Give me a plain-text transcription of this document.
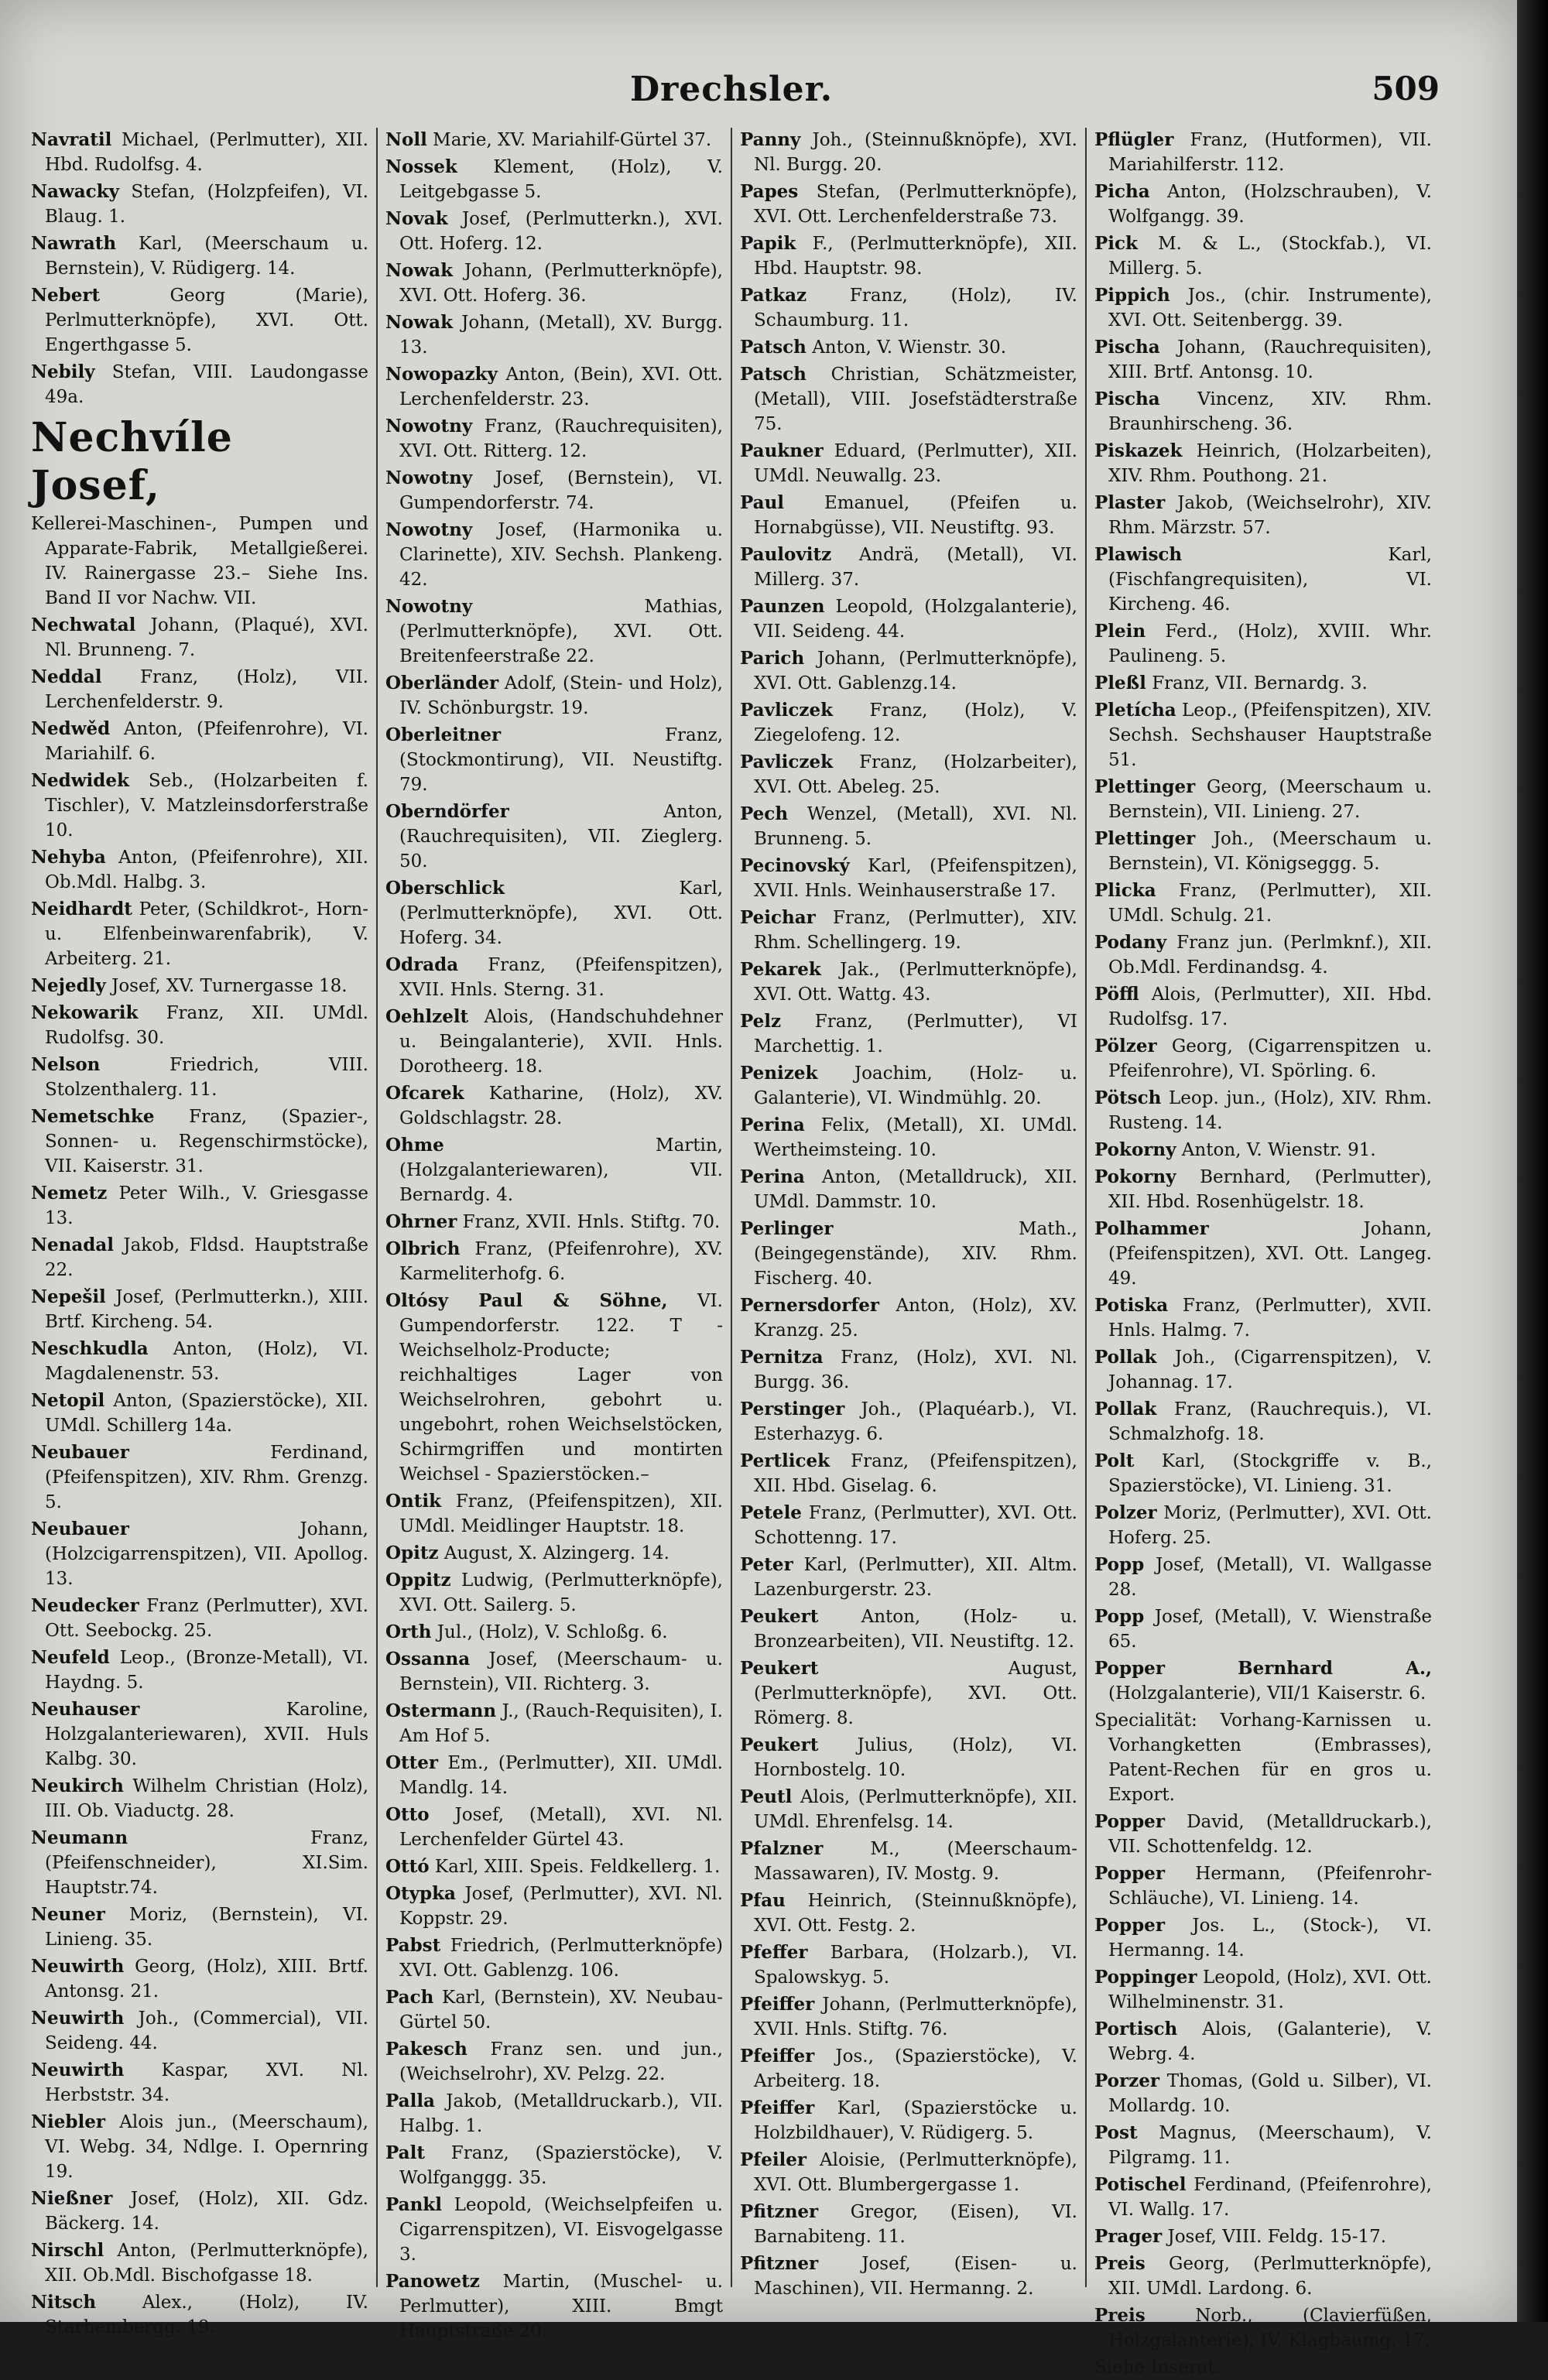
Drechsler.	509

Navratil Michael, (Perlmutter), XII. Hbd. Rudolfsg. 4.

Nawacky Stefan, (Holzpfeifen), VI. Blaug. 1.

Nawrath Karl, (Meerschaum u. Bernstein), V. Rüdigerg. 14.

Nebert Georg (Marie), Perlmutterknöpfe), XVI. Ott. Engerthgasse 5.

Nebily Stefan, VIII. Laudongasse 49a.

Nechvíle Josef,

Kellerei-Maschinen-, Pumpen und Apparate-Fabrik, Metallgießerei. IV. Rainergasse 23.– Siehe Ins. Band II vor Nachw. VII.

Nechwatal Johann, (Plaqué), XVI. Nl. Brunneng. 7.

Neddal Franz, (Holz), VII. Lerchenfelderstr. 9.

Nedwěd Anton, (Pfeifenrohre), VI. Mariahilf. 6.

Nedwidek Seb., (Holzarbeiten f. Tischler), V. Matzleinsdorferstraße 10.

Nehyba Anton, (Pfeifenrohre), XII. Ob.Mdl. Halbg. 3.

Neidhardt Peter, (Schildkrot-, Horn- u. Elfenbeinwarenfabrik), V. Arbeiterg. 21.

Nejedly Josef, XV. Turnergasse 18.

Nekowarik Franz, XII. UMdl. Rudolfsg. 30.

Nelson Friedrich, VIII. Stolzenthalerg. 11.

Nemetschke Franz, (Spazier-, Sonnen- u. Regenschirmstöcke), VII. Kaiserstr. 31.

Nemetz Peter Wilh., V. Griesgasse 13.

Nenadal Jakob, Fldsd. Hauptstraße 22.

Nepešil Josef, (Perlmutterkn.), XIII. Brtf. Kircheng. 54.

Neschkudla Anton, (Holz), VI. Magdalenenstr. 53.

Netopil Anton, (Spazierstöcke), XII. UMdl. Schillerg 14a.

Neubauer Ferdinand, (Pfeifenspitzen), XIV. Rhm. Grenzg. 5.

Neubauer Johann, (Holzcigarrenspitzen), VII. Apollog. 13.

Neudecker Franz (Perlmutter), XVI. Ott. Seebockg. 25.

Neufeld Leop., (Bronze-Metall), VI. Haydng. 5.

Neuhauser Karoline, Holzgalanteriewaren), XVII. Huls Kalbg. 30.

Neukirch Wilhelm Christian (Holz), III. Ob. Viaductg. 28.

Neumann Franz, (Pfeifenschneider), XI.Sim. Hauptstr.74.

Neuner Moriz, (Bernstein), VI. Linieng. 35.

Neuwirth Georg, (Holz), XIII. Brtf. Antonsg. 21.

Neuwirth Joh., (Commercial), VII. Seideng. 44.

Neuwirth Kaspar, XVI. Nl. Herbststr. 34.

Niebler Alois jun., (Meerschaum), VI. Webg. 34, Ndlge. I. Opernring 19.

Nießner Josef, (Holz), XII. Gdz. Bäckerg. 14.

Nirschl Anton, (Perlmutterknöpfe), XII. Ob.Mdl. Bischofgasse 18.

Nitsch Alex., (Holz), IV. Starhembergg. 19.

Noll Marie, XV. Mariahilf-Gürtel 37.

Nossek Klement, (Holz), V. Leitgebgasse 5.

Novak Josef, (Perlmutterkn.), XVI. Ott. Hoferg. 12.

Nowak Johann, (Perlmutterknöpfe), XVI. Ott. Hoferg. 36.

Nowak Johann, (Metall), XV. Burgg. 13.

Nowopazky Anton, (Bein), XVI. Ott. Lerchenfelderstr. 23.

Nowotny Franz, (Rauchrequisiten), XVI. Ott. Ritterg. 12.

Nowotny Josef, (Bernstein), VI. Gumpendorferstr. 74.

Nowotny Josef, (Harmonika u. Clarinette), XIV. Sechsh. Plankeng. 42.

Nowotny Mathias, (Perlmutterknöpfe), XVI. Ott. Breitenfeerstraße 22.

Oberländer Adolf, (Stein- und Holz), IV. Schönburgstr. 19.

Oberleitner Franz, (Stockmontirung), VII. Neustiftg. 79.

Oberndörfer Anton, (Rauchrequisiten), VII. Zieglerg. 50.

Oberschlick Karl, (Perlmutterknöpfe), XVI. Ott. Hoferg. 34.

Odrada Franz, (Pfeifenspitzen), XVII. Hnls. Sterng. 31.

Oehlzelt Alois, (Handschuhdehner u. Beingalanterie), XVII. Hnls. Dorotheerg. 18.

Ofcarek Katharine, (Holz), XV. Goldschlagstr. 28.

Ohme Martin, (Holzgalanteriewaren), VII. Bernardg. 4.

Ohrner Franz, XVII. Hnls. Stiftg. 70.

Olbrich Franz, (Pfeifenrohre), XV. Karmeliterhofg. 6.

Oltósy Paul & Söhne, VI. Gumpendorferstr. 122. T - Weichselholz-Producte; reichhaltiges Lager von Weichselrohren, gebohrt u. ungebohrt, rohen Weichselstöcken, Schirmgriffen und montirten Weichsel - Spazierstöcken.–

Ontik Franz, (Pfeifenspitzen), XII. UMdl. Meidlinger Hauptstr. 18.

Opitz August, X. Alzingerg. 14.

Oppitz Ludwig, (Perlmutterknöpfe), XVI. Ott. Sailerg. 5.

Orth Jul., (Holz), V. Schloßg. 6.

Ossanna Josef, (Meerschaum- u. Bernstein), VII. Richterg. 3.

Ostermann J., (Rauch-Requisiten), I. Am Hof 5.

Otter Em., (Perlmutter), XII. UMdl. Mandlg. 14.

Otto Josef, (Metall), XVI. Nl. Lerchenfelder Gürtel 43.

Ottó Karl, XIII. Speis. Feldkellerg. 1.

Otypka Josef, (Perlmutter), XVI. Nl. Koppstr. 29.

Pabst Friedrich, (Perlmutterknöpfe) XVI. Ott. Gablenzg. 106.

Pach Karl, (Bernstein), XV. Neubau-Gürtel 50.

Pakesch Franz sen. und jun., (Weichselrohr), XV. Pelzg. 22.

Palla Jakob, (Metalldruckarb.), VII. Halbg. 1.

Palt Franz, (Spazierstöcke), V. Wolfganggg. 35.

Pankl Leopold, (Weichselpfeifen u. Cigarrenspitzen), VI. Eisvogelgasse 3.

Panowetz Martin, (Muschel- u. Perlmutter), XIII. Bmgt Hauptstraße 20.

Panny Joh., (Steinnußknöpfe), XVI. Nl. Burgg. 20.

Papes Stefan, (Perlmutterknöpfe), XVI. Ott. Lerchenfelderstraße 73.

Papik F., (Perlmutterknöpfe), XII. Hbd. Hauptstr. 98.

Patkaz Franz, (Holz), IV. Schaumburg. 11.

Patsch Anton, V. Wienstr. 30.

Patsch Christian, Schätzmeister, (Metall), VIII. Josefstädterstraße 75.

Paukner Eduard, (Perlmutter), XII. UMdl. Neuwallg. 23.

Paul Emanuel, (Pfeifen u. Hornabgüsse), VII. Neustiftg. 93.

Paulovitz Andrä, (Metall), VI. Millerg. 37.

Paunzen Leopold, (Holzgalanterie), VII. Seideng. 44.

Parich Johann, (Perlmutterknöpfe), XVI. Ott. Gablenzg.14.

Pavliczek Franz, (Holz), V. Ziegelofeng. 12.

Pavliczek Franz, (Holzarbeiter), XVI. Ott. Abeleg. 25.

Pech Wenzel, (Metall), XVI. Nl. Brunneng. 5.

Pecinovský Karl, (Pfeifenspitzen), XVII. Hnls. Weinhauserstraße 17.

Peichar Franz, (Perlmutter), XIV. Rhm. Schellingerg. 19.

Pekarek Jak., (Perlmutterknöpfe), XVI. Ott. Wattg. 43.

Pelz Franz, (Perlmutter), VI Marchettig. 1.

Penizek Joachim, (Holz- u. Galanterie), VI. Windmühlg. 20.

Perina Felix, (Metall), XI. UMdl. Wertheimsteing. 10.

Perina Anton, (Metalldruck), XII. UMdl. Dammstr. 10.

Perlinger Math., (Beingegenstände), XIV. Rhm. Fischerg. 40.

Pernersdorfer Anton, (Holz), XV. Kranzg. 25.

Pernitza Franz, (Holz), XVI. Nl. Burgg. 36.

Perstinger Joh., (Plaquéarb.), VI. Esterhazyg. 6.

Pertlicek Franz, (Pfeifenspitzen), XII. Hbd. Giselag. 6.

Petele Franz, (Perlmutter), XVI. Ott. Schottenng. 17.

Peter Karl, (Perlmutter), XII. Altm. Lazenburgerstr. 23.

Peukert Anton, (Holz- u. Bronzearbeiten), VII. Neustiftg. 12.

Peukert August, (Perlmutterknöpfe), XVI. Ott. Römerg. 8.

Peukert Julius, (Holz), VI. Hornbostelg. 10.

Peutl Alois, (Perlmutterknöpfe), XII. UMdl. Ehrenfelsg. 14.

Pfalzner M., (Meerschaum-Massawaren), IV. Mostg. 9.

Pfau Heinrich, (Steinnußknöpfe), XVI. Ott. Festg. 2.

Pfeffer Barbara, (Holzarb.), VI. Spalowskyg. 5.

Pfeiffer Johann, (Perlmutterknöpfe), XVII. Hnls. Stiftg. 76.

Pfeiffer Jos., (Spazierstöcke), V. Arbeiterg. 18.

Pfeiffer Karl, (Spazierstöcke u. Holzbildhauer), V. Rüdigerg. 5.

Pfeiler Aloisie, (Perlmutterknöpfe), XVI. Ott. Blumbergergasse 1.

Pfitzner Gregor, (Eisen), VI. Barnabiteng. 11.

Pfitzner Josef, (Eisen- u. Maschinen), VII. Hermanng. 2.

Pflügler Franz, (Hutformen), VII. Mariahilferstr. 112.

Picha Anton, (Holzschrauben), V. Wolfgangg. 39.

Pick M. & L., (Stockfab.), VI. Millerg. 5.

Pippich Jos., (chir. Instrumente), XVI. Ott. Seitenbergg. 39.

Pischa Johann, (Rauchrequisiten), XIII. Brtf. Antonsg. 10.

Pischa Vincenz, XIV. Rhm. Braunhirscheng. 36.

Piskazek Heinrich, (Holzarbeiten), XIV. Rhm. Pouthong. 21.

Plaster Jakob, (Weichselrohr), XIV. Rhm. Märzstr. 57.

Plawisch Karl, (Fischfangrequisiten), VI. Kircheng. 46.

Plein Ferd., (Holz), XVIII. Whr. Paulineng. 5.

Pleßl Franz, VII. Bernardg. 3.

Pletícha Leop., (Pfeifenspitzen), XIV. Sechsh. Sechshauser Hauptstraße 51.

Plettinger Georg, (Meerschaum u. Bernstein), VII. Linieng. 27.

Plettinger Joh., (Meerschaum u. Bernstein), VI. Königseggg. 5.

Plicka Franz, (Perlmutter), XII. UMdl. Schulg. 21.

Podany Franz jun. (Perlmknf.), XII. Ob.Mdl. Ferdinandsg. 4.

Pöffl Alois, (Perlmutter), XII. Hbd. Rudolfsg. 17.

Pölzer Georg, (Cigarrenspitzen u. Pfeifenrohre), VI. Spörling. 6.

Pötsch Leop. jun., (Holz), XIV. Rhm. Rusteng. 14.

Pokorny Anton, V. Wienstr. 91.

Pokorny Bernhard, (Perlmutter), XII. Hbd. Rosenhügelstr. 18.

Polhammer Johann, (Pfeifenspitzen), XVI. Ott. Langeg. 49.

Potiska Franz, (Perlmutter), XVII. Hnls. Halmg. 7.

Pollak Joh., (Cigarrenspitzen), V. Johannag. 17.

Pollak Franz, (Rauchrequis.), VI. Schmalzhofg. 18.

Polt Karl, (Stockgriffe v. B., Spazierstöcke), VI. Linieng. 31.

Polzer Moriz, (Perlmutter), XVI. Ott. Hoferg. 25.

Popp Josef, (Metall), VI. Wallgasse 28.

Popp Josef, (Metall), V. Wienstraße 65.

Popper Bernhard A., (Holzgalanterie), VII/1 Kaiserstr. 6.

Specialität: Vorhang-Karnissen u. Vorhangketten (Embrasses), Patent-Rechen für en gros u. Export.

Popper David, (Metalldruckarb.), VII. Schottenfeldg. 12.

Popper Hermann, (Pfeifenrohr-Schläuche), VI. Linieng. 14.

Popper Jos. L., (Stock-), VI. Hermanng. 14.

Poppinger Leopold, (Holz), XVI. Ott. Wilhelminenstr. 31.

Portisch Alois, (Galanterie), V. Webrg. 4.

Porzer Thomas, (Gold u. Silber), VI. Mollardg. 10.

Post Magnus, (Meerschaum), V. Pilgramg. 11.

Potischel Ferdinand, (Pfeifenrohre), VI. Wallg. 17.

Prager Josef, VIII. Feldg. 15-17.

Preis Georg, (Perlmutterknöpfe), XII. UMdl. Lardong. 6.

Preis Norb., (Clavierfüßen, Holzgalanterie), IV. Klagbaumg. 17.

Siehe Inserat.
